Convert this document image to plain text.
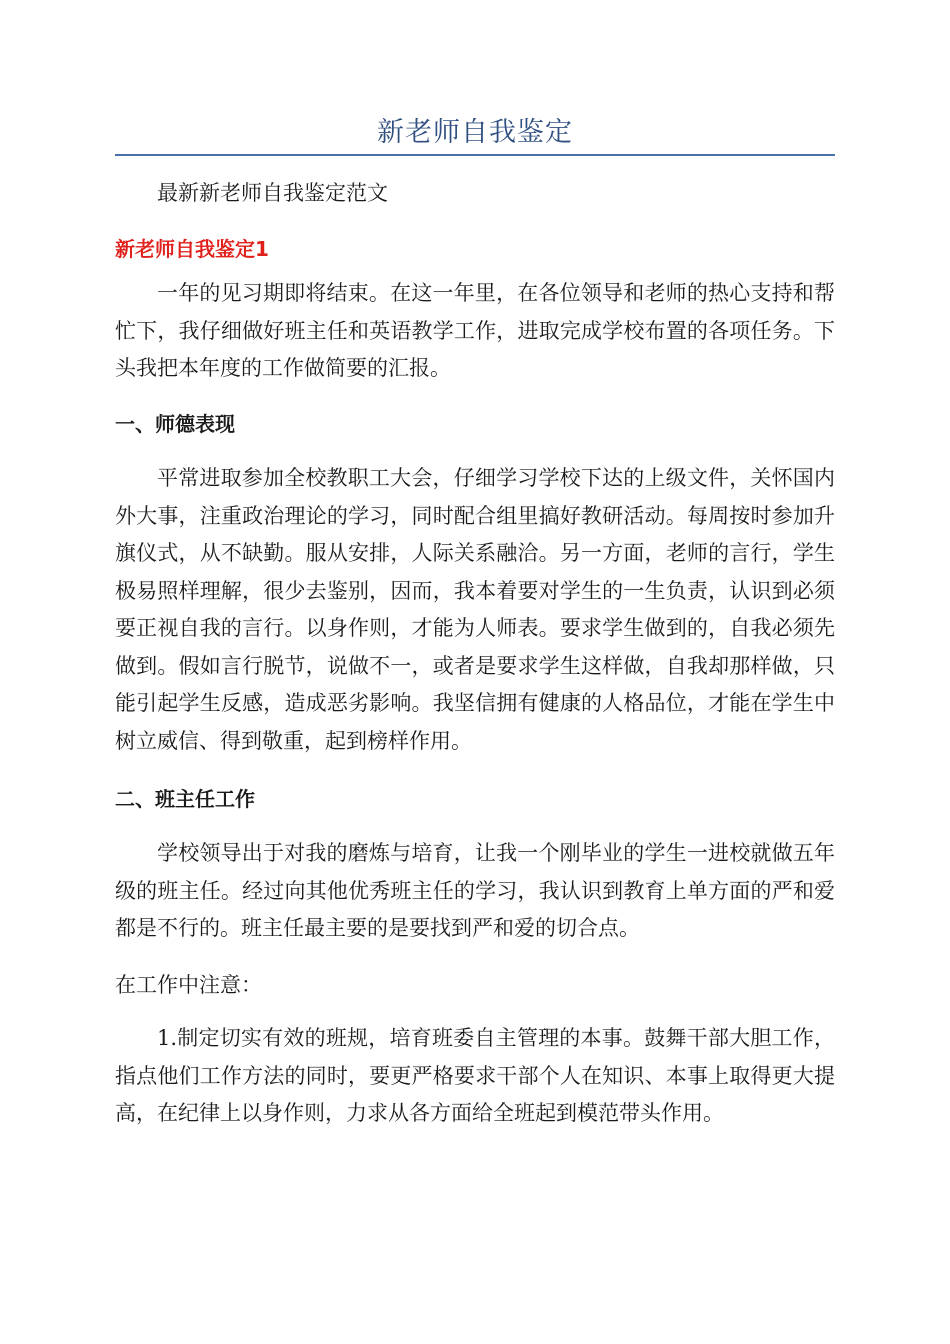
新老师自我鉴定

最新新老师自我鉴定范文

新老师自我鉴定1

一年的见习期即将结束。在这一年里，在各位领导和老师的热心支持和帮忙下，我仔细做好班主任和英语教学工作，进取完成学校布置的各项任务。下头我把本年度的工作做简要的汇报。

一、师德表现

平常进取参加全校教职工大会，仔细学习学校下达的上级文件，关怀国内外大事，注重政治理论的学习，同时配合组里搞好教研活动。每周按时参加升旗仪式，从不缺勤。服从安排，人际关系融洽。另一方面，老师的言行，学生极易照样理解，很少去鉴别，因而，我本着要对学生的一生负责，认识到必须要正视自我的言行。以身作则，才能为人师表。要求学生做到的，自我必须先做到。假如言行脱节，说做不一，或者是要求学生这样做，自我却那样做，只能引起学生反感，造成恶劣影响。我坚信拥有健康的人格品位，才能在学生中树立威信、得到敬重，起到榜样作用。

二、班主任工作

学校领导出于对我的磨炼与培育，让我一个刚毕业的学生一进校就做五年级的班主任。经过向其他优秀班主任的学习，我认识到教育上单方面的严和爱都是不行的。班主任最主要的是要找到严和爱的切合点。

在工作中注意：

1.制定切实有效的班规，培育班委自主管理的本事。鼓舞干部大胆工作，指点他们工作方法的同时，要更严格要求干部个人在知识、本事上取得更大提高，在纪律上以身作则，力求从各方面给全班起到模范带头作用。
